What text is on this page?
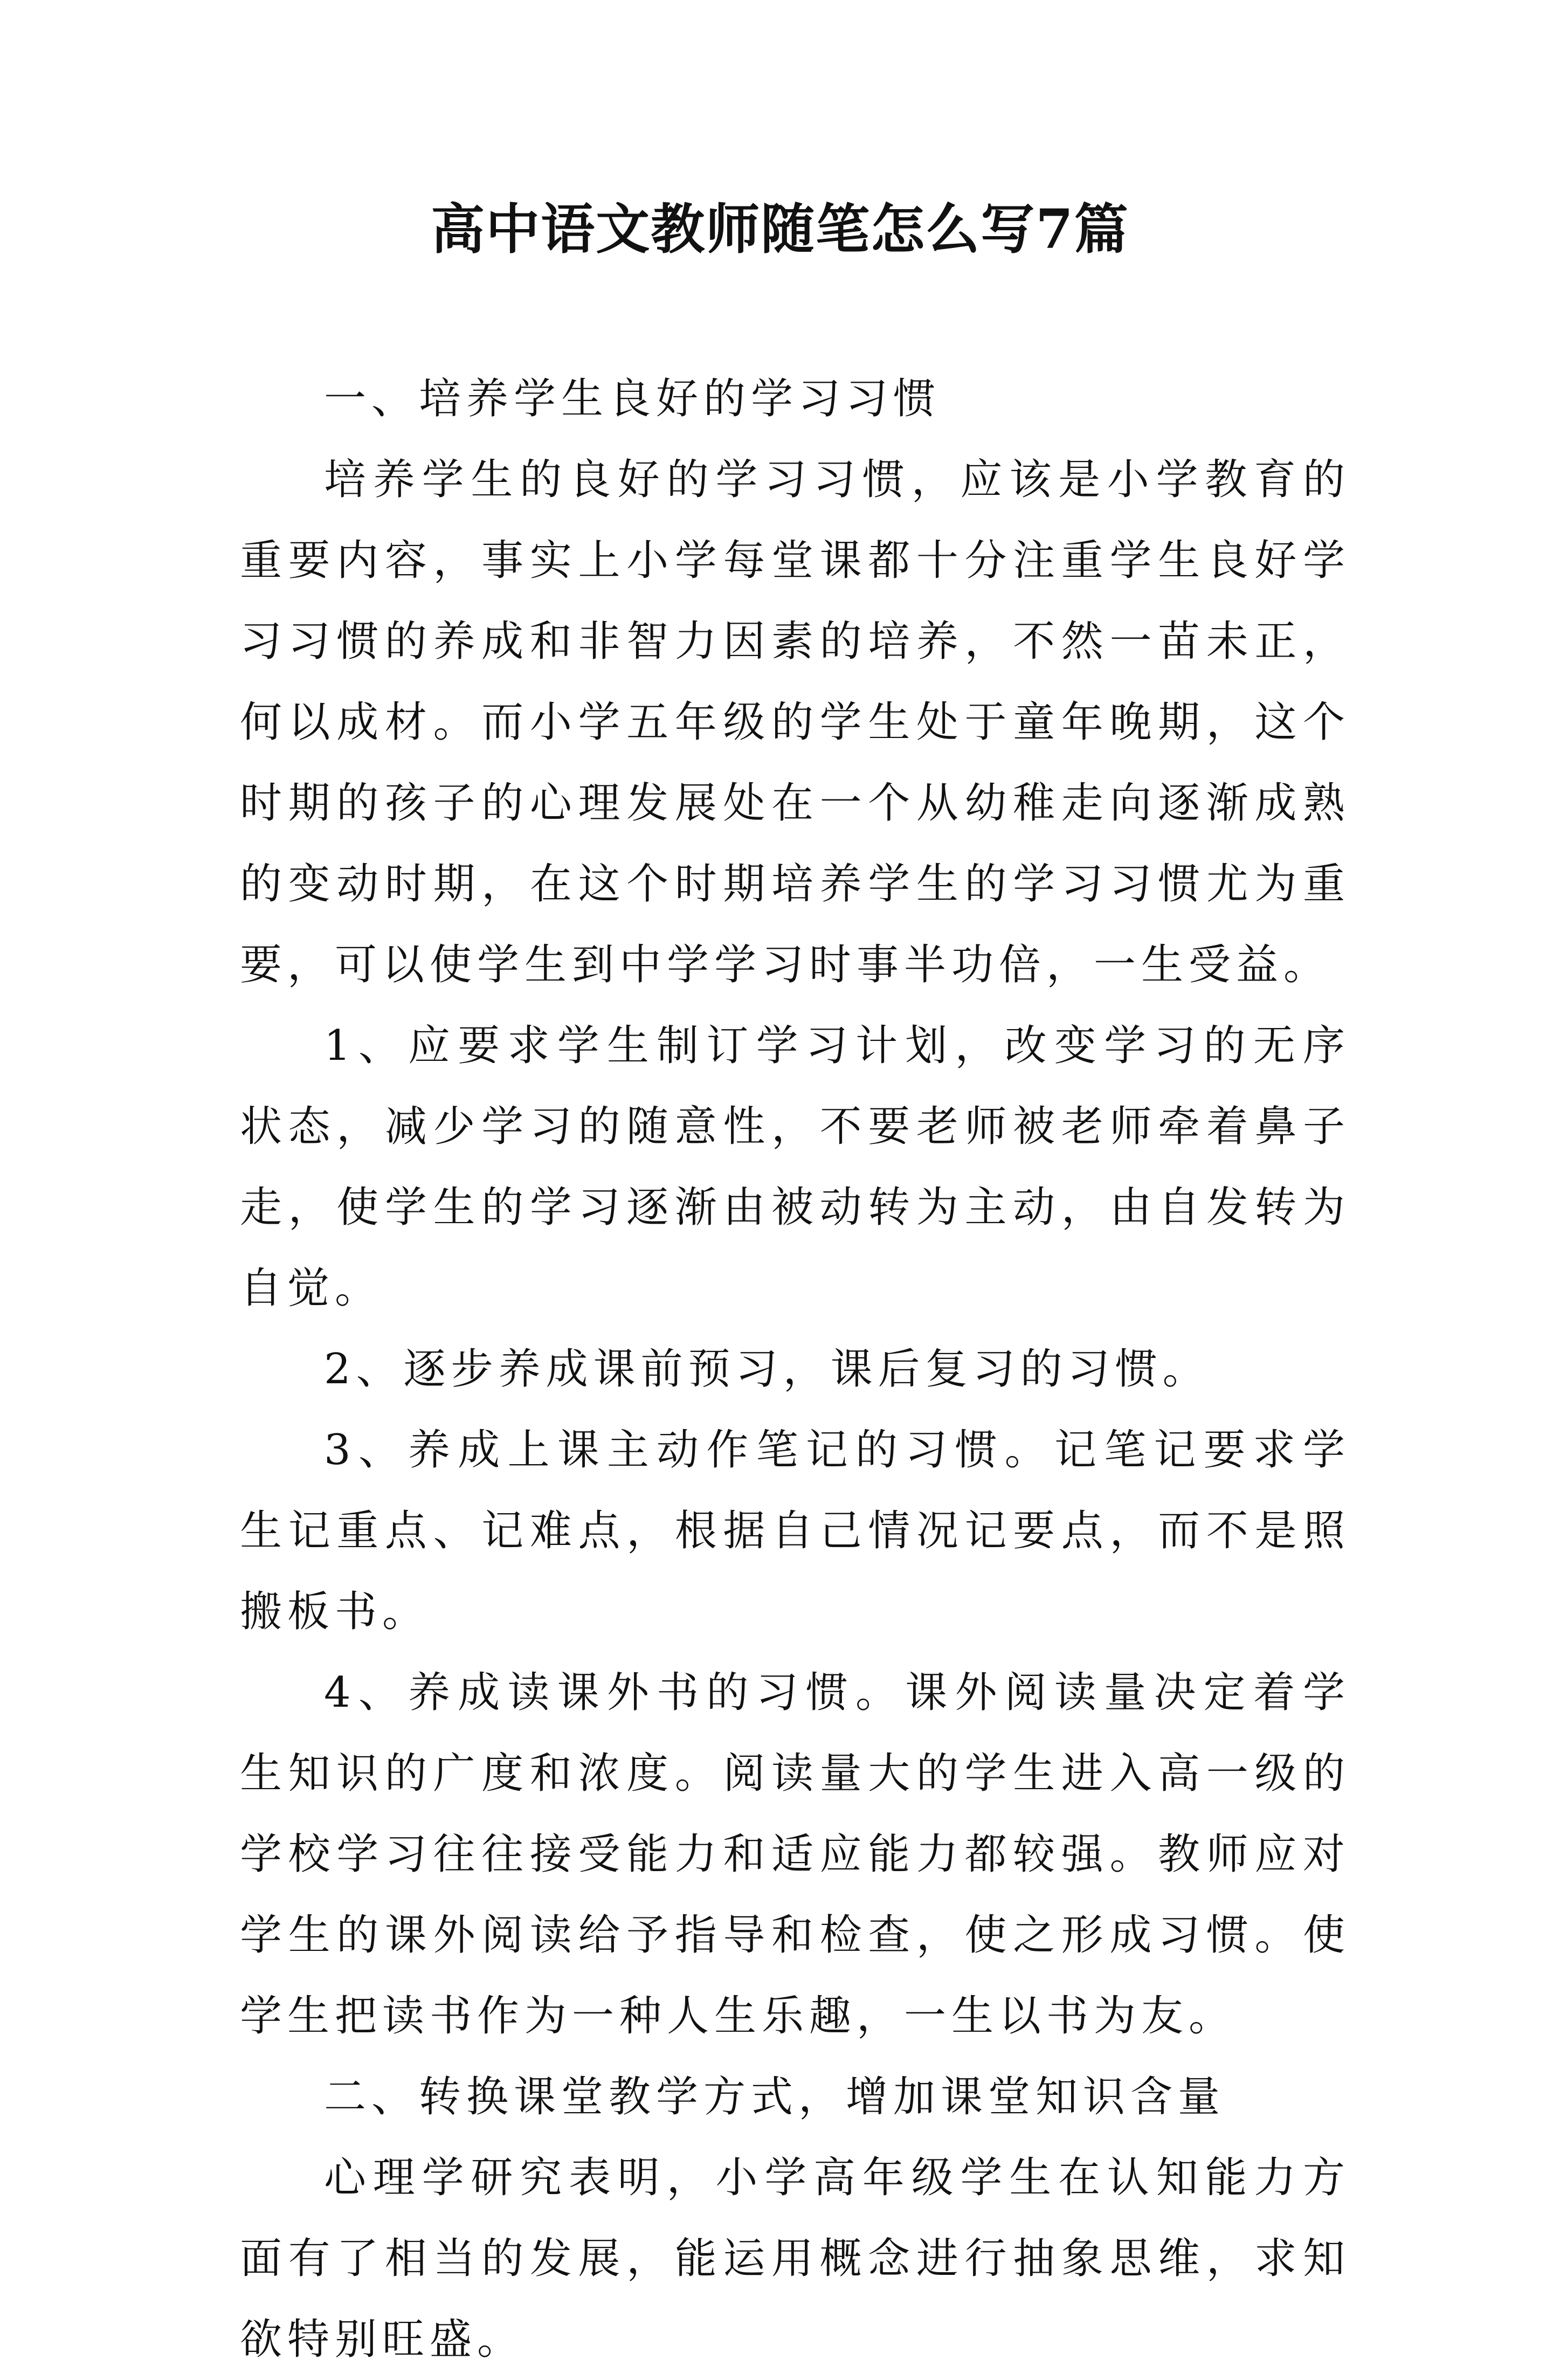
高中语文教师随笔怎么写7篇

一、培养学生良好的学习习惯

培养学生的良好的学习习惯，应该是小学教育的重要内容，事实上小学每堂课都十分注重学生良好学习习惯的养成和非智力因素的培养，不然一苗未正，何以成材。而小学五年级的学生处于童年晚期，这个时期的孩子的心理发展处在一个从幼稚走向逐渐成熟的变动时期，在这个时期培养学生的学习习惯尤为重要，可以使学生到中学学习时事半功倍，一生受益。

1、应要求学生制订学习计划，改变学习的无序状态，减少学习的随意性，不要老师被老师牵着鼻子走，使学生的学习逐渐由被动转为主动，由自发转为自觉。

2、逐步养成课前预习，课后复习的习惯。

3、养成上课主动作笔记的习惯。记笔记要求学生记重点、记难点，根据自己情况记要点，而不是照搬板书。

4、养成读课外书的习惯。课外阅读量决定着学生知识的广度和浓度。阅读量大的学生进入高一级的学校学习往往接受能力和适应能力都较强。教师应对学生的课外阅读给予指导和检查，使之形成习惯。使学生把读书作为一种人生乐趣，一生以书为友。

二、转换课堂教学方式，增加课堂知识含量

心理学研究表明，小学高年级学生在认知能力方面有了相当的发展，能运用概念进行抽象思维，求知欲特别旺盛。
